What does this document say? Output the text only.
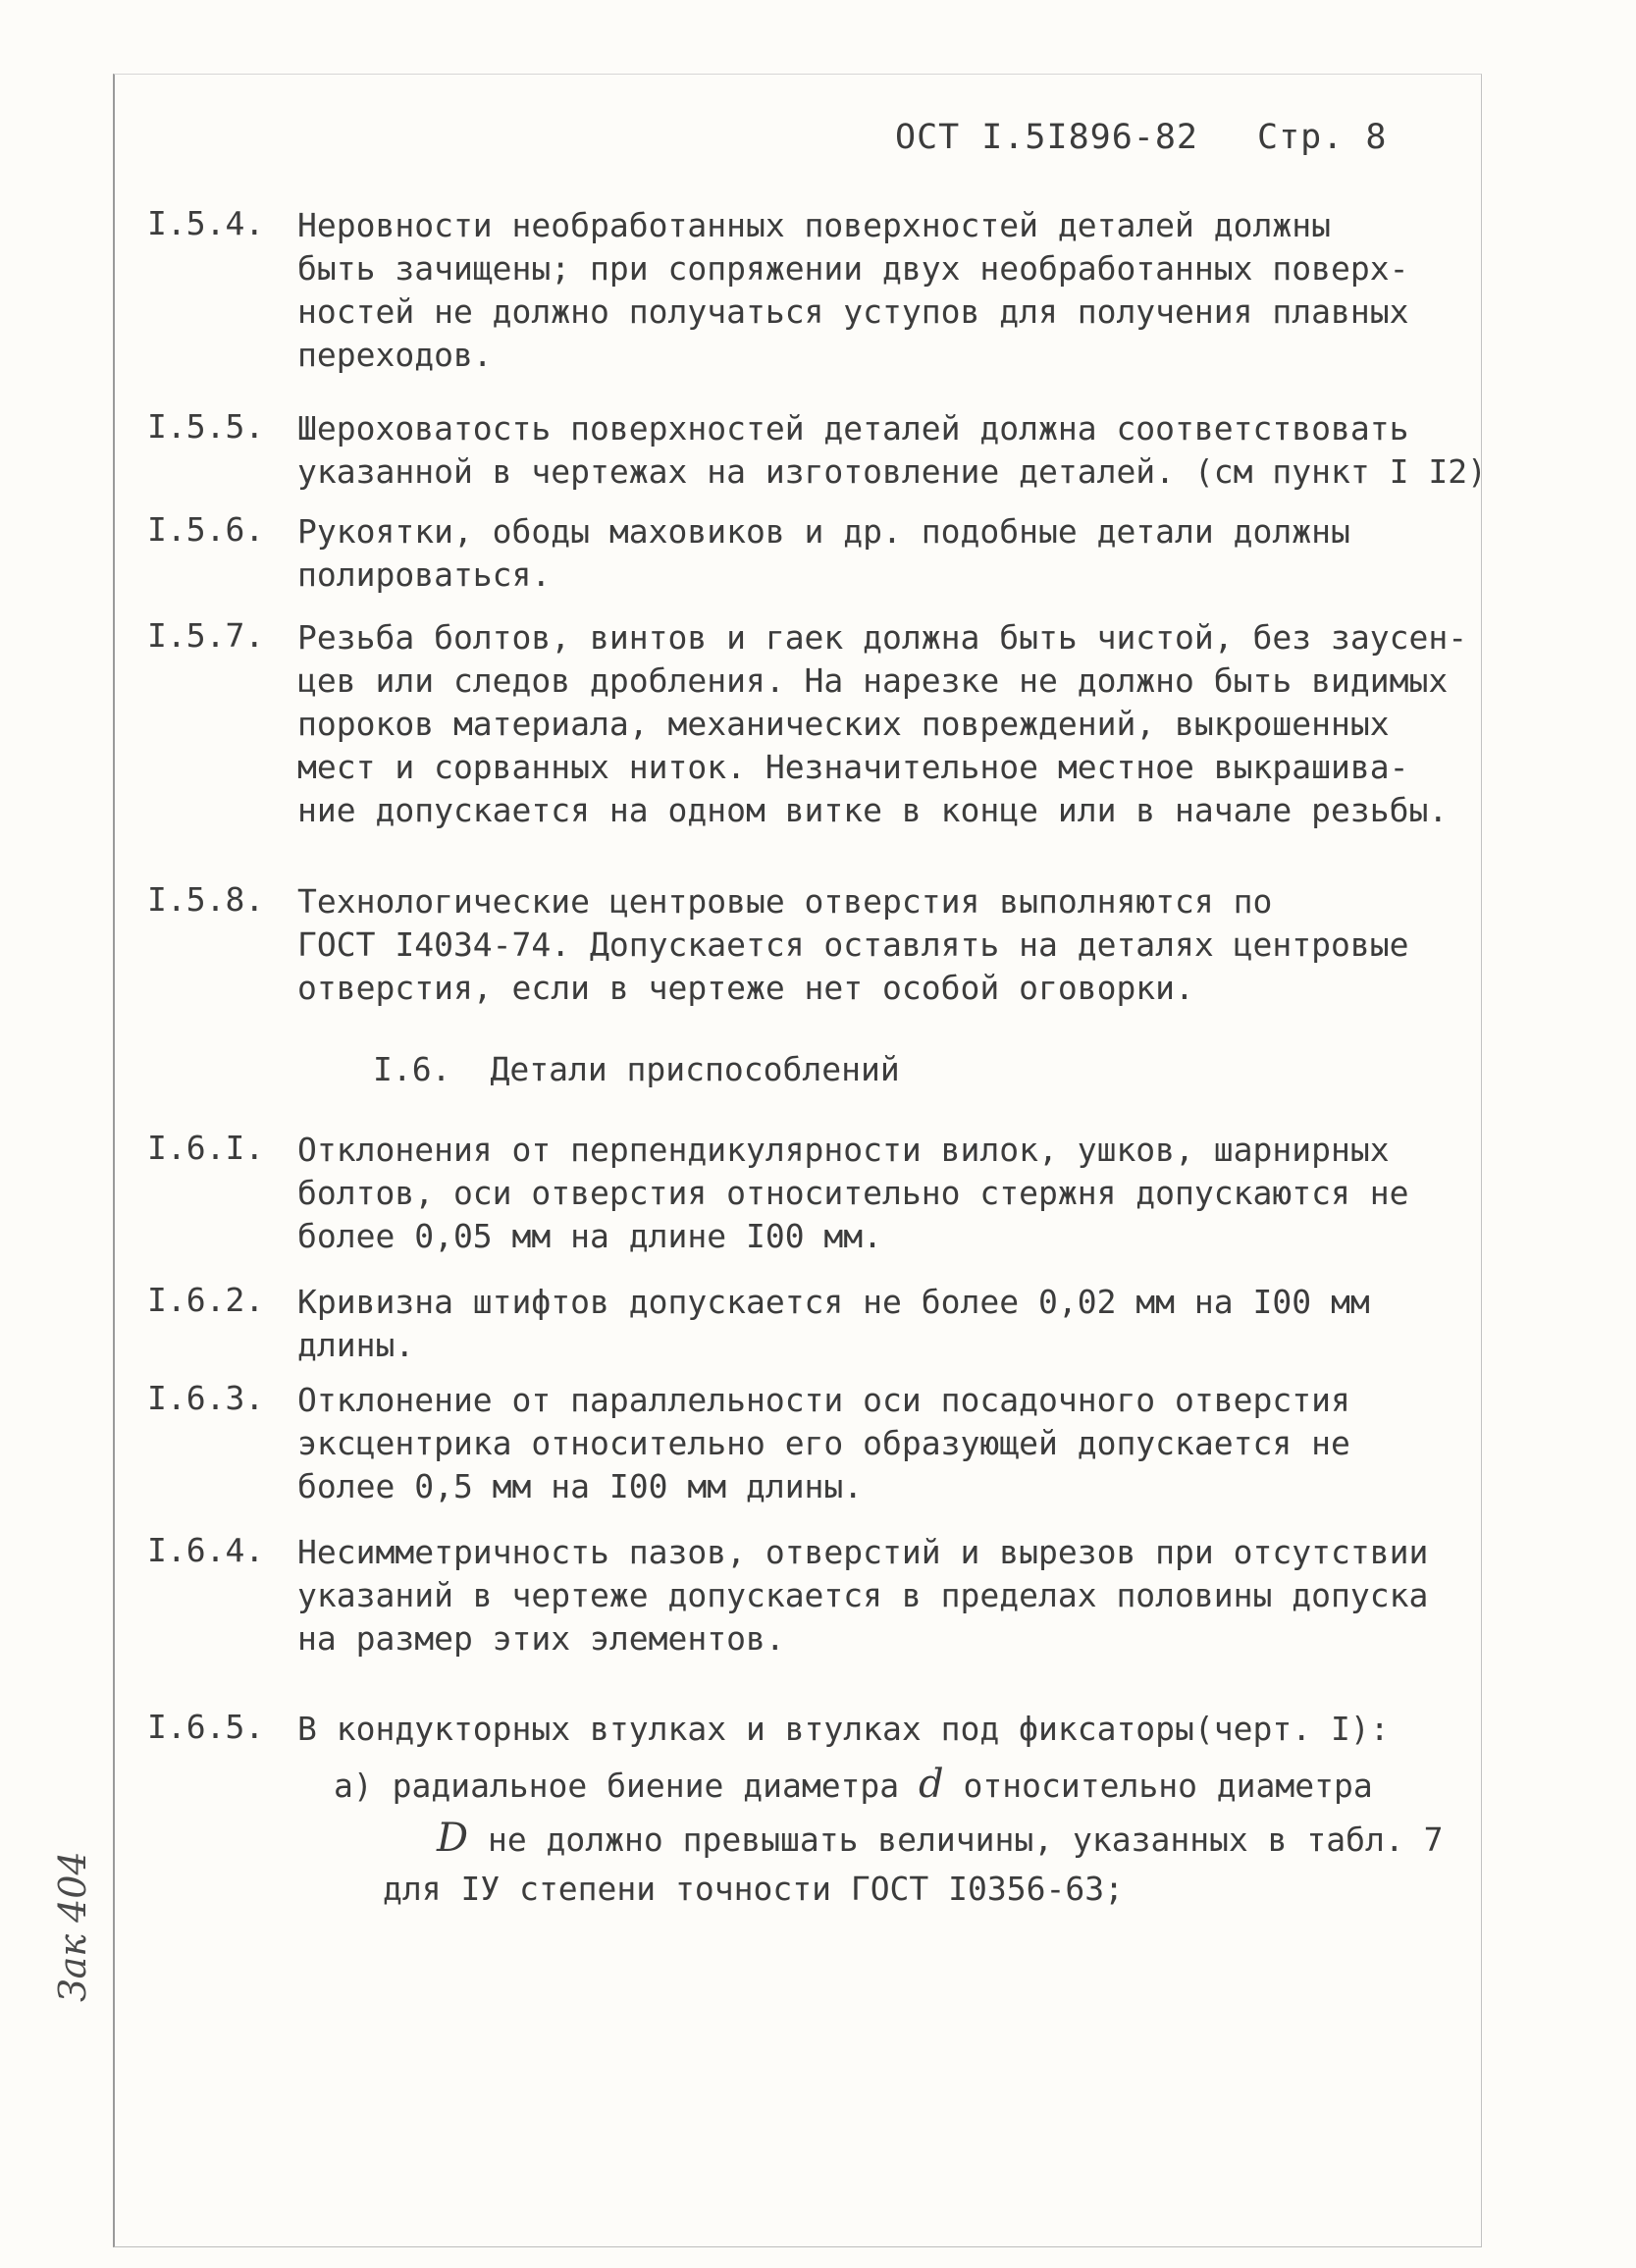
ОСТ I.5I896-82 Стр. 8
I.5.4.	Неровности необработанных поверхностей деталей должны
быть зачищены; при сопряжении двух необработанных поверх-
ностей не должно получаться уступов для получения плавных
переходов.
I.5.5.	Шероховатость поверхностей деталей должна соответствовать
указанной в чертежах на изготовление деталей. (см пункт I I2)
I.5.6.	Рукоятки, ободы маховиков и др. подобные детали должны
полироваться.
I.5.7.	Резьба болтов, винтов и гаек должна быть чистой, без заусен-
цев или следов дробления. На нарезке не должно быть видимых
пороков материала, механических повреждений, выкрошенных
мест и сорванных ниток. Незначительное местное выкрашива-
ние допускается на одном витке в конце или в начале резьбы.
I.5.8.	Технологические центровые отверстия выполняются по
ГОСТ I4034-74. Допускается оставлять на деталях центровые
отверстия, если в чертеже нет особой оговорки.
I.6. Детали приспособлений
I.6.I.	Отклонения от перпендикулярности вилок, ушков, шарнирных
болтов, оси отверстия относительно стержня допускаются не
более 0,05 мм на длине I00 мм.
I.6.2.	Кривизна штифтов допускается не более 0,02 мм на I00 мм
длины.
I.6.3.	Отклонение от параллельности оси посадочного отверстия
эксцентрика относительно его образующей допускается не
более 0,5 мм на I00 мм длины.
I.6.4.	Несимметричность пазов, отверстий и вырезов при отсутствии
указаний в чертеже допускается в пределах половины допуска
на размер этих элементов.
I.6.5.	В кондукторных втулках и втулках под фиксаторы(черт. I):
а) радиальное биение диаметра d относительно диаметра
D не должно превышать величины, указанных в табл. 7
для IУ степени точности ГОСТ I0356-63;
Зак 404
